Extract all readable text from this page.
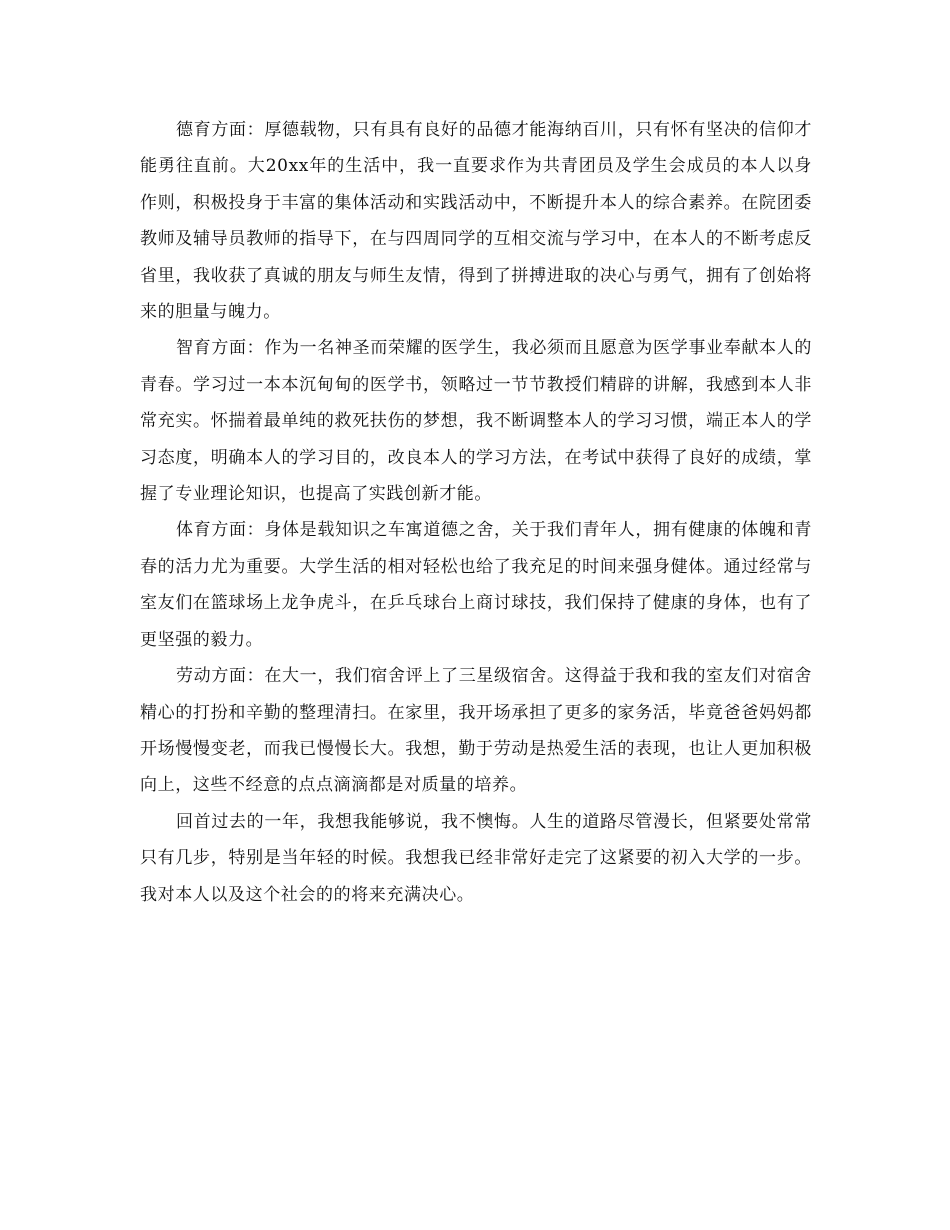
德育方面：厚德载物，只有具有良好的品德才能海纳百川，只有怀有坚决的信仰才能勇往直前。大20xx年的生活中，我一直要求作为共青团员及学生会成员的本人以身作则，积极投身于丰富的集体活动和实践活动中，不断提升本人的综合素养。在院团委教师及辅导员教师的指导下，在与四周同学的互相交流与学习中，在本人的不断考虑反省里，我收获了真诚的朋友与师生友情，得到了拼搏进取的决心与勇气，拥有了创始将来的胆量与魄力。

智育方面：作为一名神圣而荣耀的医学生，我必须而且愿意为医学事业奉献本人的青春。学习过一本本沉甸甸的医学书，领略过一节节教授们精辟的讲解，我感到本人非常充实。怀揣着最单纯的救死扶伤的梦想，我不断调整本人的学习习惯，端正本人的学习态度，明确本人的学习目的，改良本人的学习方法，在考试中获得了良好的成绩，掌握了专业理论知识，也提高了实践创新才能。

体育方面：身体是载知识之车寓道德之舍，关于我们青年人，拥有健康的体魄和青春的活力尤为重要。大学生活的相对轻松也给了我充足的时间来强身健体。通过经常与室友们在篮球场上龙争虎斗，在乒乓球台上商讨球技，我们保持了健康的身体，也有了更坚强的毅力。

劳动方面：在大一，我们宿舍评上了三星级宿舍。这得益于我和我的室友们对宿舍精心的打扮和辛勤的整理清扫。在家里，我开场承担了更多的家务活，毕竟爸爸妈妈都开场慢慢变老，而我已慢慢长大。我想，勤于劳动是热爱生活的表现，也让人更加积极向上，这些不经意的点点滴滴都是对质量的培养。

回首过去的一年，我想我能够说，我不懊悔。人生的道路尽管漫长，但紧要处常常只有几步，特别是当年轻的时候。我想我已经非常好走完了这紧要的初入大学的一步。我对本人以及这个社会的的将来充满决心。
